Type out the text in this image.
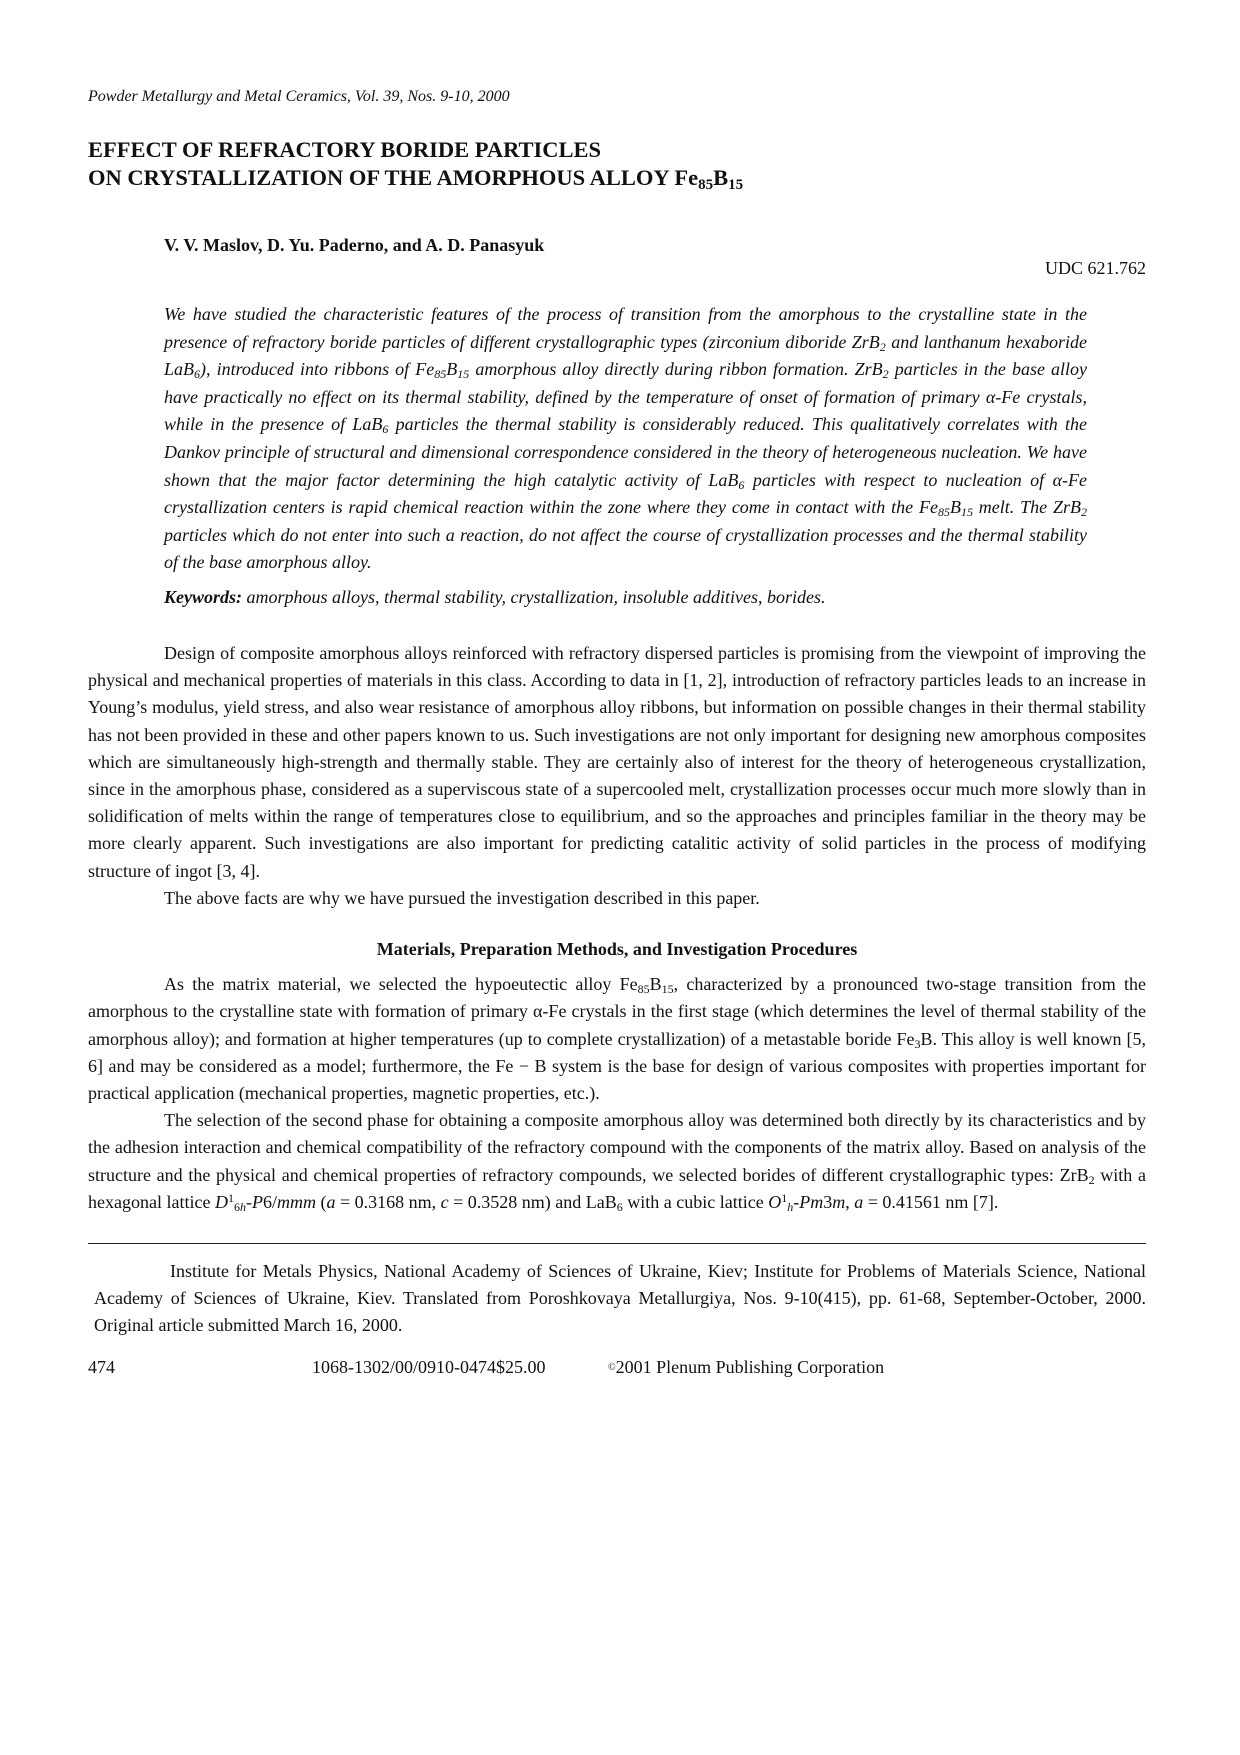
Powder Metallurgy and Metal Ceramics, Vol. 39, Nos. 9-10, 2000

EFFECT OF REFRACTORY BORIDE PARTICLES
ON CRYSTALLIZATION OF THE AMORPHOUS ALLOY $Fe_{85}B_{15}$

V. V. Maslov, D. Yu. Paderno, and A. D. Panasyuk

UDC 621.762

We have studied the characteristic features of the process of transition from the amorphous to the crystalline state in the presence of refractory boride particles of different crystallographic types (zirconium diboride ZrB$_2$ and lanthanum hexaboride LaB$_6$), introduced into ribbons of $Fe_{85}B_{15}$ amorphous alloy directly during ribbon formation. ZrB$_2$ particles in the base alloy have practically no effect on its thermal stability, defined by the temperature of onset of formation of primary α-Fe crystals, while in the presence of LaB$_6$ particles the thermal stability is considerably reduced. This qualitatively correlates with the Dankov principle of structural and dimensional correspondence considered in the theory of heterogeneous nucleation. We have shown that the major factor determining the high catalytic activity of LaB$_6$ particles with respect to nucleation of α-Fe crystallization centers is rapid chemical reaction within the zone where they come in contact with the $Fe_{85}B_{15}$ melt. The ZrB$_2$ particles which do not enter into such a reaction, do not affect the course of crystallization processes and the thermal stability of the base amorphous alloy.

Keywords: amorphous alloys, thermal stability, crystallization, insoluble additives, borides.

Design of composite amorphous alloys reinforced with refractory dispersed particles is promising from the viewpoint of improving the physical and mechanical properties of materials in this class. According to data in [1, 2], introduction of refractory particles leads to an increase in Young’s modulus, yield stress, and also wear resistance of amorphous alloy ribbons, but information on possible changes in their thermal stability has not been provided in these and other papers known to us. Such investigations are not only important for designing new amorphous composites which are simultaneously high-strength and thermally stable. They are certainly also of interest for the theory of heterogeneous crystallization, since in the amorphous phase, considered as a superviscous state of a supercooled melt, crystallization processes occur much more slowly than in solidification of melts within the range of temperatures close to equilibrium, and so the approaches and principles familiar in the theory may be more clearly apparent. Such investigations are also important for predicting catalitic activity of solid particles in the process of modifying structure of ingot [3, 4].

The above facts are why we have pursued the investigation described in this paper.

Materials, Preparation Methods, and Investigation Procedures

As the matrix material, we selected the hypoeutectic alloy $Fe_{85}B_{15}$, characterized by a pronounced two-stage transition from the amorphous to the crystalline state with formation of primary α-Fe crystals in the first stage (which determines the level of thermal stability of the amorphous alloy); and formation at higher temperatures (up to complete crystallization) of a metastable boride $Fe_3B$. This alloy is well known [5, 6] and may be considered as a model; furthermore, the Fe − B system is the base for design of various composites with properties important for practical application (mechanical properties, magnetic properties, etc.).

The selection of the second phase for obtaining a composite amorphous alloy was determined both directly by its characteristics and by the adhesion interaction and chemical compatibility of the refractory compound with the components of the matrix alloy. Based on analysis of the structure and the physical and chemical properties of refractory compounds, we selected borides of different crystallographic types: ZrB$_2$ with a hexagonal lattice $D^1_{6h}-P6$/mmm (a = 0.3168 nm, c = 0.3528 nm) and LaB$_6$ with a cubic lattice $O^1_h-Pm3m$, a = 0.41561 nm [7].

Institute for Metals Physics, National Academy of Sciences of Ukraine, Kiev; Institute for Problems of Materials Science, National Academy of Sciences of Ukraine, Kiev. Translated from Poroshkovaya Metallurgiya, Nos. 9-10(415), pp. 61-68, September-October, 2000. Original article submitted March 16, 2000.

474	1068-1302/00/0910-0474$25.00	©2001 Plenum Publishing Corporation
